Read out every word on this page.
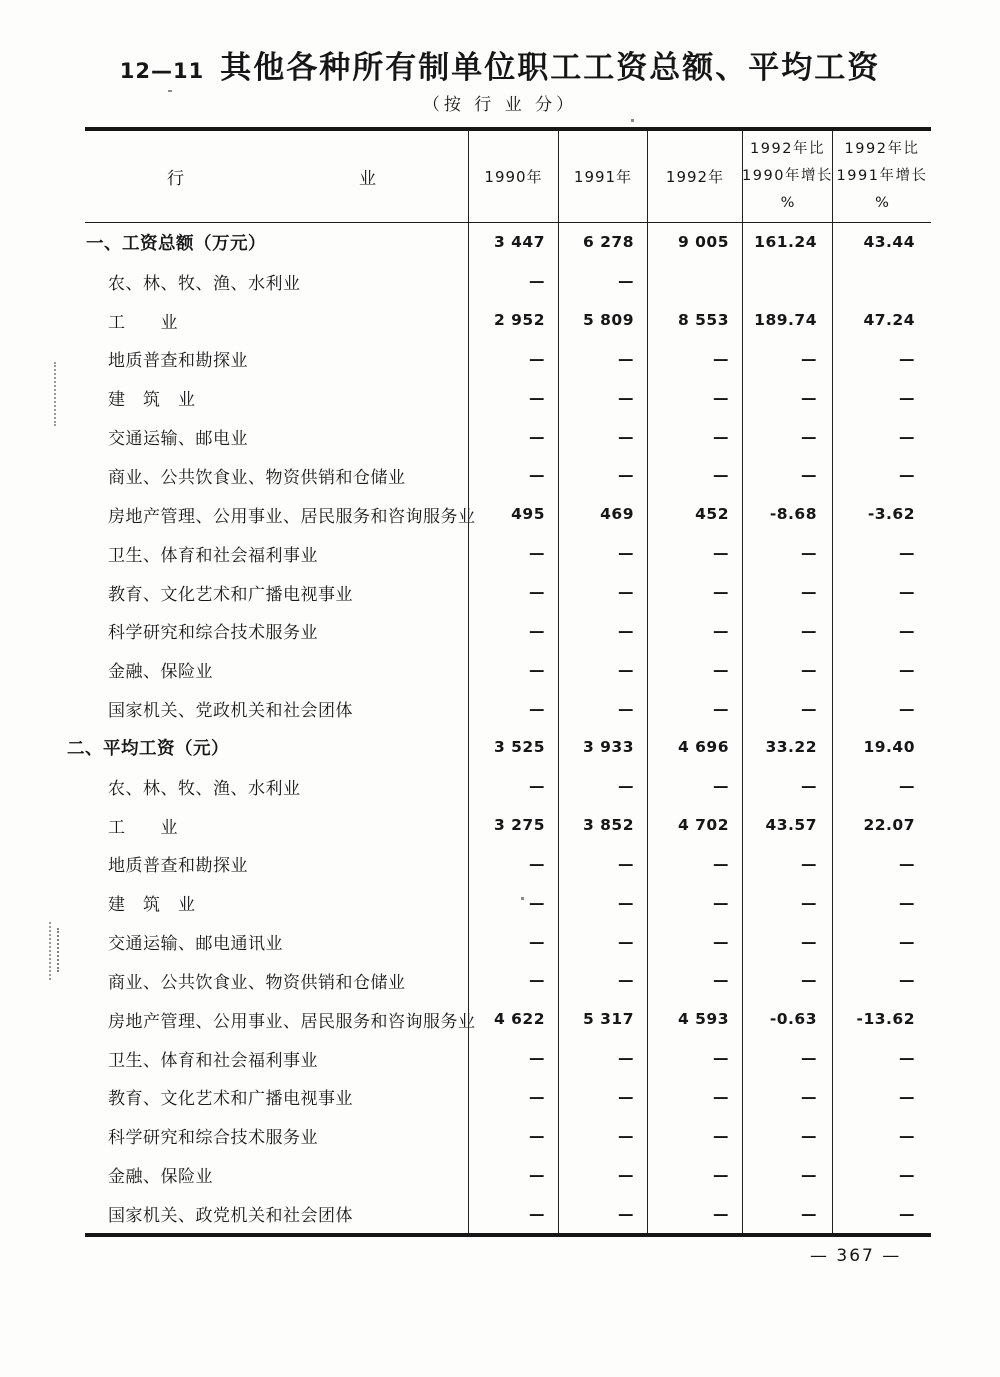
12—11 其他各种所有制单位职工工资总额、平均工资
（按 行 业 分）
行	业	1990年 1991年 1992年
1992年比
1990年增长
%
1992年比
1991年增长
%
一、工资总额（万元）	3 447	6 278	9 005	161.24	43.44
农、林、牧、渔、水利业	—	—
工　　业	2 952	5 809	8 553	189.74	47.24
地质普查和勘探业	—	—	—	—	—
建　筑　业	—	—	—	—	—
交通运输、邮电业	—	—	—	—	—
商业、公共饮食业、物资供销和仓储业	—	—	—	—	—
房地产管理、公用事业、居民服务和咨询服务业	495	469	452	-8.68	-3.62
卫生、体育和社会福利事业	—	—	—	—	—
教育、文化艺术和广播电视事业	—	—	—	—	—
科学研究和综合技术服务业	—	—	—	—	—
金融、保险业	—	—	—	—	—
国家机关、党政机关和社会团体	—	—	—	—	—
二、平均工资（元）	3 525	3 933	4 696	33.22	19.40
农、林、牧、渔、水利业	—	—	—	—	—
工　　业	3 275	3 852	4 702	43.57	22.07
地质普查和勘探业	—	—	—	—	—
建　筑　业	—	—	—	—	—
交通运输、邮电通讯业	—	—	—	—	—
商业、公共饮食业、物资供销和仓储业	—	—	—	—	—
房地产管理、公用事业、居民服务和咨询服务业	4 622	5 317	4 593	-0.63	-13.62
卫生、体育和社会福利事业	—	—	—	—	—
教育、文化艺术和广播电视事业	—	—	—	—	—
科学研究和综合技术服务业	—	—	—	—	—
金融、保险业	—	—	—	—	—
国家机关、政党机关和社会团体	—	—	—	—	—
— 367 —
